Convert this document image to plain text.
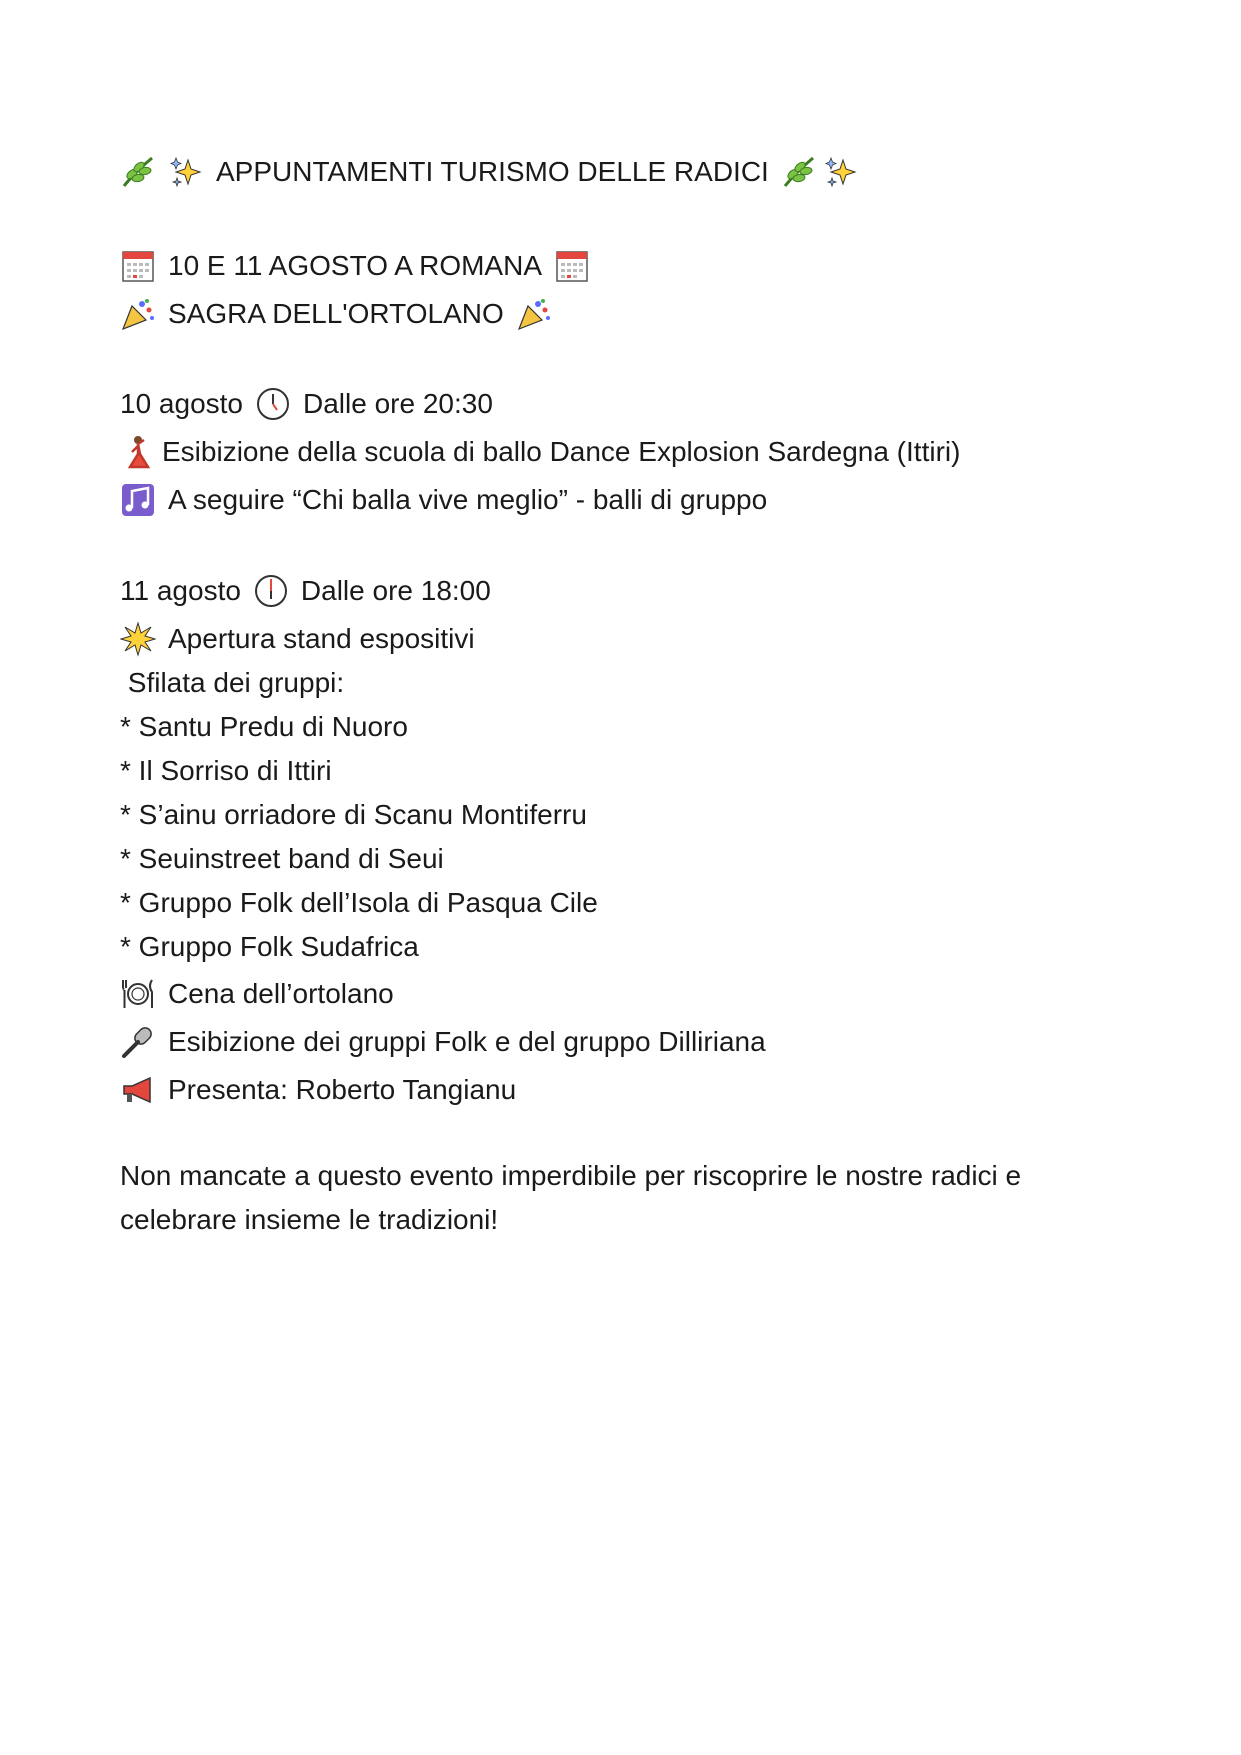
APPUNTAMENTI TURISMO DELLE RADICI
10 E 11 AGOSTO A ROMANA
SAGRA DELL'ORTOLANO
10 agosto Dalle ore 20:30
Esibizione della scuola di ballo Dance Explosion Sardegna (Ittiri)
A seguire “Chi balla vive meglio” - balli di gruppo
11 agosto Dalle ore 18:00
Apertura stand espositivi
Sfilata dei gruppi:
* Santu Predu di Nuoro
* Il Sorriso di Ittiri
* S’ainu orriadore di Scanu Montiferru
* Seuinstreet band di Seui
* Gruppo Folk dell’Isola di Pasqua Cile
* Gruppo Folk Sudafrica
Cena dell’ortolano
Esibizione dei gruppi Folk e del gruppo Dilliriana
Presenta: Roberto Tangianu
Non mancate a questo evento imperdibile per riscoprire le nostre radici e celebrare insieme le tradizioni!
